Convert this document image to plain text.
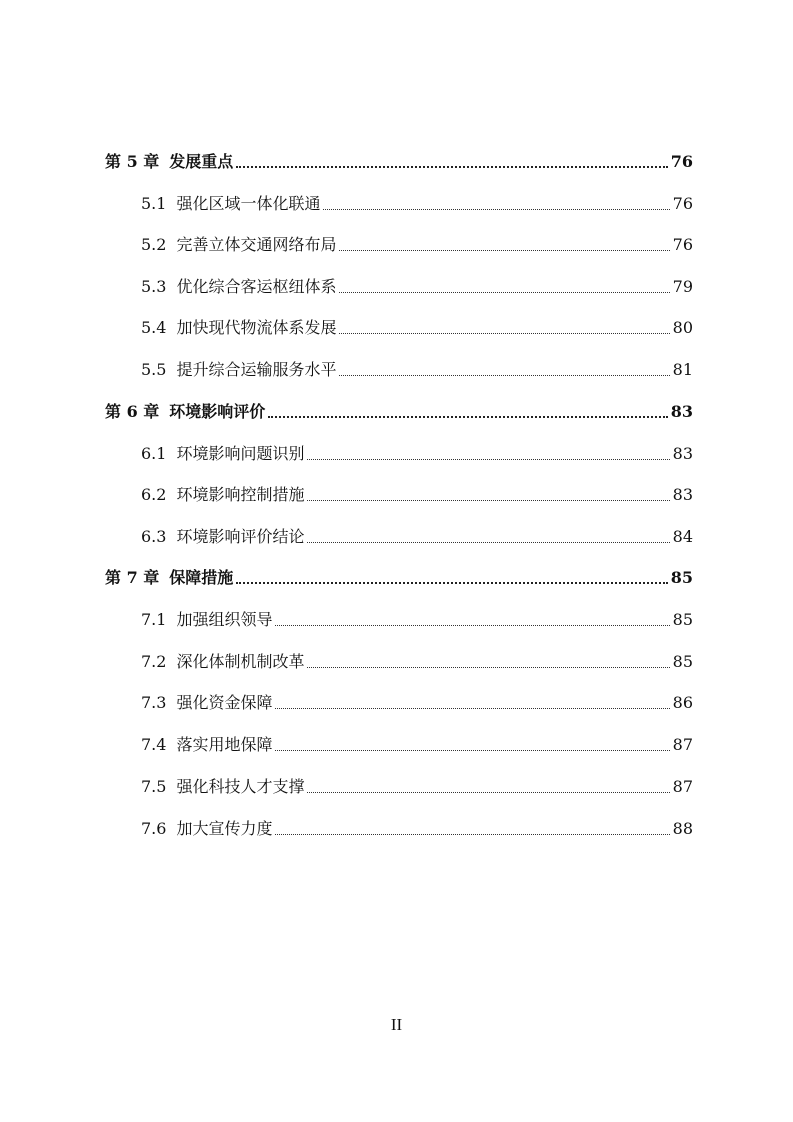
第 5 章 发展重点	76
5.1 强化区域一体化联通	76
5.2 完善立体交通网络布局	76
5.3 优化综合客运枢纽体系	79
5.4 加快现代物流体系发展	80
5.5 提升综合运输服务水平	81
第 6 章 环境影响评价	83
6.1 环境影响问题识别	83
6.2 环境影响控制措施	83
6.3 环境影响评价结论	84
第 7 章 保障措施	85
7.1 加强组织领导	85
7.2 深化体制机制改革	85
7.3 强化资金保障	86
7.4 落实用地保障	87
7.5 强化科技人才支撑	87
7.6 加大宣传力度	88
II
